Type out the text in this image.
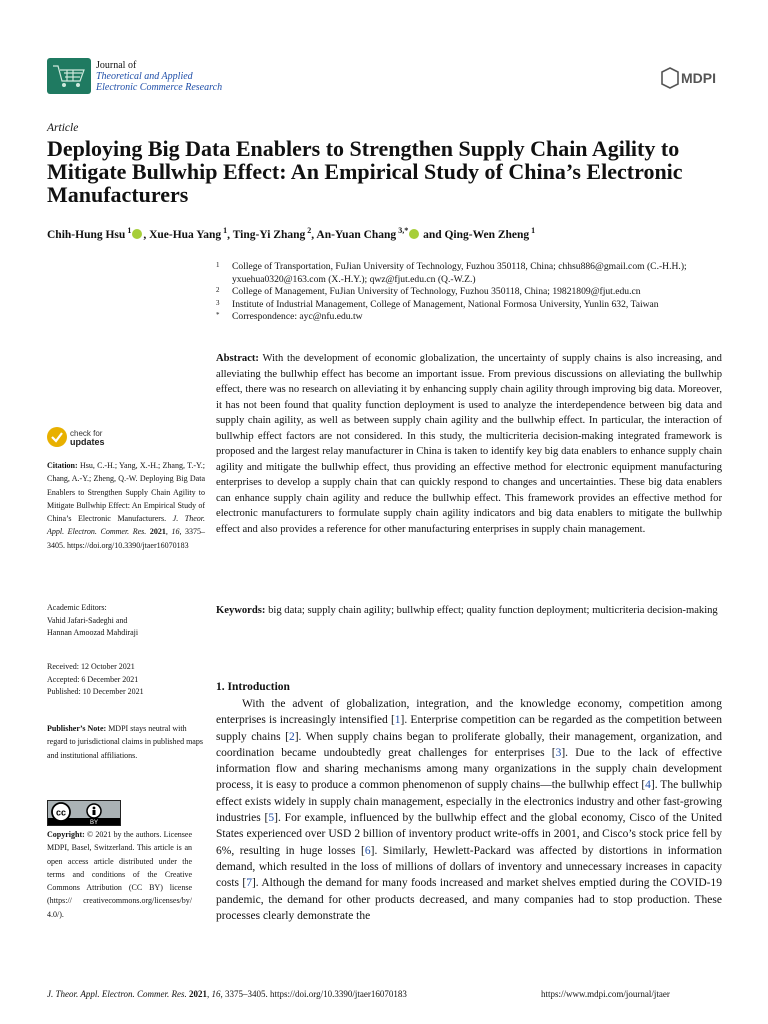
Journal of
Theoretical and Applied
Electronic Commerce Research
MDPI
Article
Deploying Big Data Enablers to Strengthen Supply Chain Agility to Mitigate Bullwhip Effect: An Empirical Study of China’s Electronic Manufacturers
Chih-Hung Hsu $^1$ , Xue-Hua Yang $^1$, Ting-Yi Zhang $^2$, An-Yuan Chang $^{3,*}$ and Qing-Wen Zheng $^1$
1 College of Transportation, FuJian University of Technology, Fuzhou 350118, China; chhsu886@gmail.com (C.-H.H.); yxuehua0320@163.com (X.-H.Y.); qwz@fjut.edu.cn (Q.-W.Z.)
2 College of Management, FuJian University of Technology, Fuzhou 350118, China; 19821809@fjut.edu.cn
3 Institute of Industrial Management, College of Management, National Formosa University, Yunlin 632, Taiwan
* Correspondence: ayc@nfu.edu.tw
Abstract: With the development of economic globalization, the uncertainty of supply chains is also increasing, and alleviating the bullwhip effect has become an important issue. From previous discussions on alleviating the bullwhip effect, there was no research on alleviating it by enhancing supply chain agility through improving big data. Moreover, it has not been found that quality function deployment is used to analyze the interdependence between big data and supply chain agility, as well as between supply chain agility and the bullwhip effect. In particular, the interaction of bullwhip effect factors are not considered. In this study, the multicriteria decision-making integrated framework is proposed and the largest relay manufacturer in China is taken to identify key big data enablers to enhance supply chain agility and mitigate the bullwhip effect, thus providing an effective method for electronic equipment manufacturing enterprises to develop a supply chain that can quickly respond to changes and uncertainties. These big data enablers can enhance supply chain agility and reduce the bullwhip effect. This framework provides an effective method for electronic manufacturers to formulate supply chain agility indicators and big data enablers to mitigate the bullwhip effect and also provides a reference for other manufacturing enterprises in supply chain management.
Keywords: big data; supply chain agility; bullwhip effect; quality function deployment; multicriteria decision-making
check for
updates
Citation: Hsu, C.-H.; Yang, X.-H.; Zhang, T.-Y.; Chang, A.-Y.; Zheng, Q.-W. Deploying Big Data Enablers to Strengthen Supply Chain Agility to Mitigate Bullwhip Effect: An Empirical Study of China’s Electronic Manufacturers. J. Theor. Appl. Electron. Commer. Res. 2021, 16, 3375–3405. https://doi.org/10.3390/jtaer16070183
Academic Editors:
Vahid Jafari-Sadeghi and
Hannan Amoozad Mahdiraji
Received: 12 October 2021
Accepted: 6 December 2021
Published: 10 December 2021
Publisher’s Note: MDPI stays neutral with regard to jurisdictional claims in published maps and institutional affiliations.
cc
BY
Copyright: © 2021 by the authors. Licensee MDPI, Basel, Switzerland. This article is an open access article distributed under the terms and conditions of the Creative Commons Attribution (CC BY) license (https:// creativecommons.org/licenses/by/ 4.0/).
1. Introduction

With the advent of globalization, integration, and the knowledge economy, competition among enterprises is increasingly intensified [1]. Enterprise competition can be regarded as the competition between supply chains [2]. When supply chains began to proliferate globally, their management, organization, and coordination became undoubtedly great challenges for enterprises [3]. Due to the lack of effective information flow and sharing mechanisms among many organizations in the supply chain development process, it is easy to produce a common phenomenon of supply chains—the bullwhip effect [4]. The bullwhip effect exists widely in supply chain management, especially in the electronics industry and other fast-growing industries [5]. For example, influenced by the bullwhip effect and the global economy, Cisco of the United States experienced over USD 2 billion of inventory product write-offs in 2001, and Cisco’s stock price fell by 6%, resulting in huge losses [6]. Similarly, Hewlett-Packard was affected by distortions in information demand, which resulted in the loss of millions of dollars of inventory and unnecessary increases in capacity costs [7]. Although the demand for many foods increased and market shelves emptied during the COVID-19 pandemic, the demand for other products decreased, and many companies had to stop production. These processes clearly demonstrate the

J. Theor. Appl. Electron. Commer. Res. 2021, 16, 3375–3405. https://doi.org/10.3390/jtaer16070183	https://www.mdpi.com/journal/jtaer
